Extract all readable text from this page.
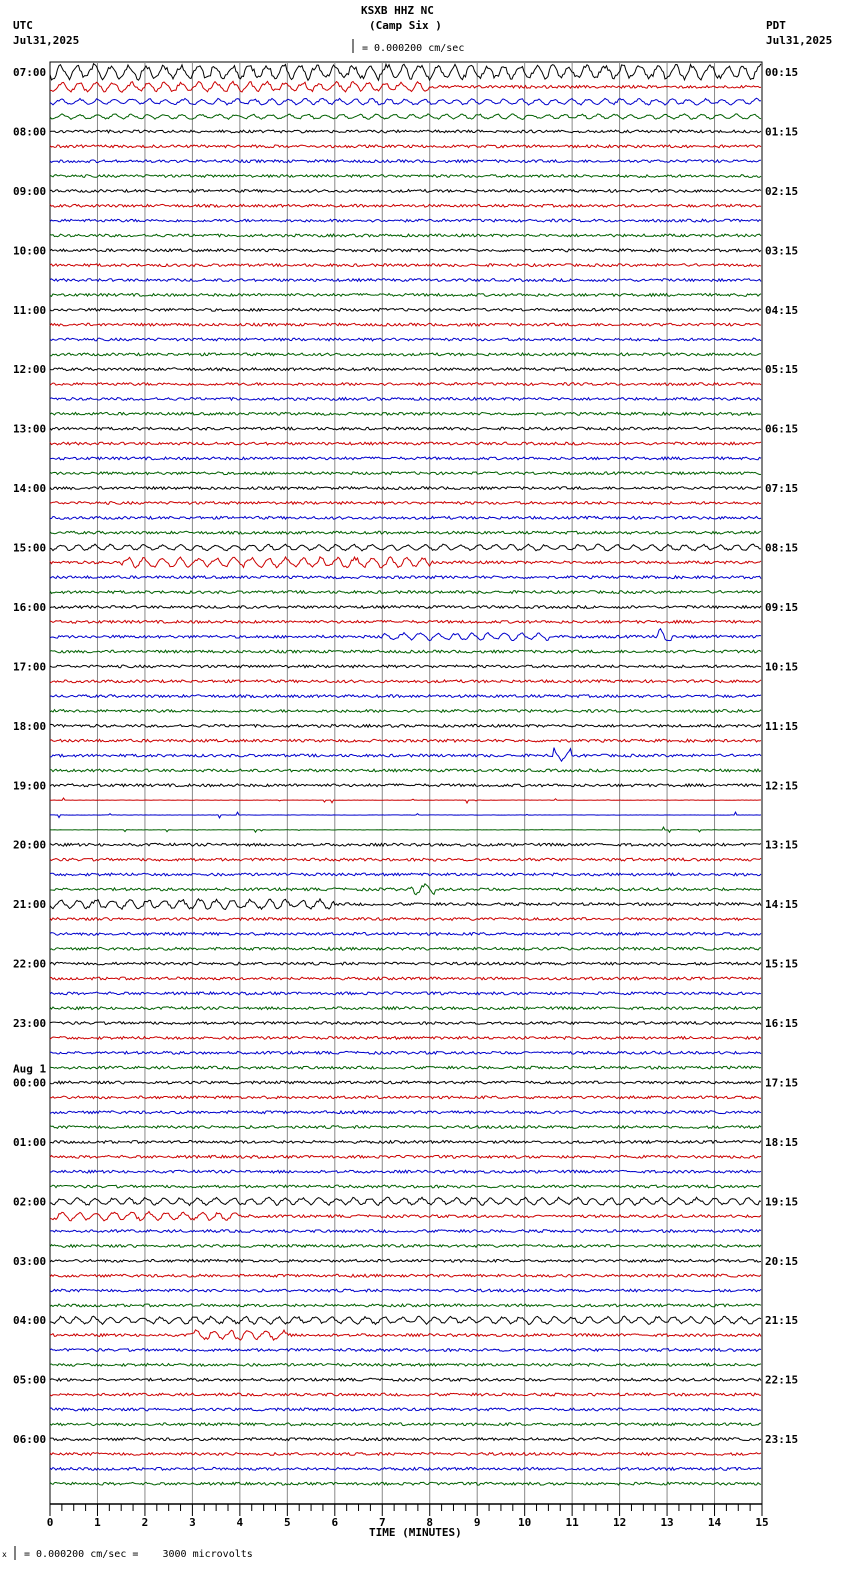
KSXB HHZ NC
(Camp Six )
UTC
Jul31,2025
PDT
Jul31,2025
= 0.000200 cm/sec
TIME (MINUTES)
x = 0.000200 cm/sec =    3000 microvolts
0	1	2	3	4	5	6	7	8	9	10	11	12	13	14	15
07:00
08:00
09:00
10:00
11:00
12:00
13:00
14:00
15:00
16:00
17:00
18:00
19:00
20:00
21:00
22:00
23:00
00:00
01:00
02:00
03:00
04:00
05:00
06:00
Aug 1
00:15
01:15
02:15
03:15
04:15
05:15
06:15
07:15
08:15
09:15
10:15
11:15
12:15
13:15
14:15
15:15
16:15
17:15
18:15
19:15
20:15
21:15
22:15
23:15
